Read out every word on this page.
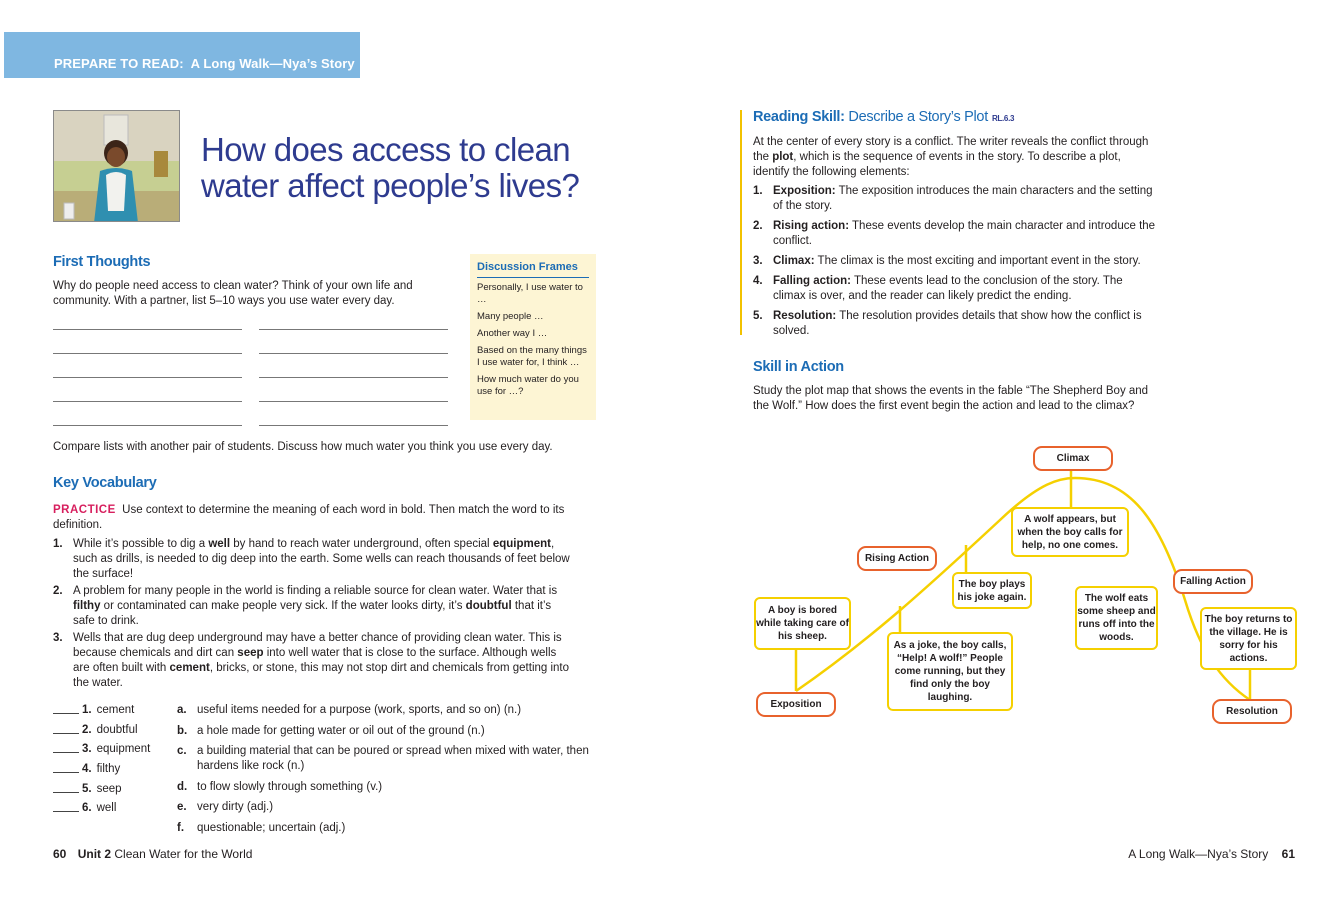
PREPARE TO READ: A Long Walk—Nya’s Story
How does access to clean water affect people’s lives?
First Thoughts
Why do people need access to clean water? Think of your own life and community. With a partner, list 5–10 ways you use water every day.
Discussion Frames
Personally, I use water to …
Many people …
Another way I …
Based on the many things I use water for, I think …
How much water do you use for …?
Compare lists with another pair of students. Discuss how much water you think you use every day.
Key Vocabulary
PRACTICE Use context to determine the meaning of each word in bold. Then match the word to its definition.
1. While it’s possible to dig a well by hand to reach water underground, often special equipment, such as drills, is needed to dig deep into the earth. Some wells can reach thousands of feet below the surface!
2. A problem for many people in the world is finding a reliable source for clean water. Water that is filthy or contaminated can make people very sick. If the water looks dirty, it’s doubtful that it’s safe to drink.
3. Wells that are dug deep underground may have a better chance of providing clean water. This is because chemicals and dirt can seep into well water that is close to the surface. Although wells are often built with cement, bricks, or stone, this may not stop dirt and chemicals from getting into the water.
1. cement
2. doubtful
3. equipment
4. filthy
5. seep
6. well
a. useful items needed for a purpose (work, sports, and so on) (n.)
b. a hole made for getting water or oil out of the ground (n.)
c. a building material that can be poured or spread when mixed with water, then hardens like rock (n.)
d. to flow slowly through something (v.)
e. very dirty (adj.)
f. questionable; uncertain (adj.)
60 Unit 2 Clean Water for the World
Reading Skill: Describe a Story’s Plot RL.6.3
At the center of every story is a conflict. The writer reveals the conflict through the plot, which is the sequence of events in the story. To describe a plot, identify the following elements:
1. Exposition: The exposition introduces the main characters and the setting of the story.
2. Rising action: These events develop the main character and introduce the conflict.
3. Climax: The climax is the most exciting and important event in the story.
4. Falling action: These events lead to the conclusion of the story. The climax is over, and the reader can likely predict the ending.
5. Resolution: The resolution provides details that show how the conflict is solved.
Skill in Action
Study the plot map that shows the events in the fable “The Shepherd Boy and the Wolf.” How does the first event begin the action and lead to the climax?
Climax
Rising Action
Falling Action
Exposition
Resolution
A wolf appears, but when the boy calls for help, no one comes.
A boy is bored while taking care of his sheep.
The boy plays his joke again.
As a joke, the boy calls, “Help! A wolf!” People come running, but they find only the boy laughing.
The wolf eats some sheep and runs off into the woods.
The boy returns to the village. He is sorry for his actions.
A Long Walk—Nya’s Story 61
